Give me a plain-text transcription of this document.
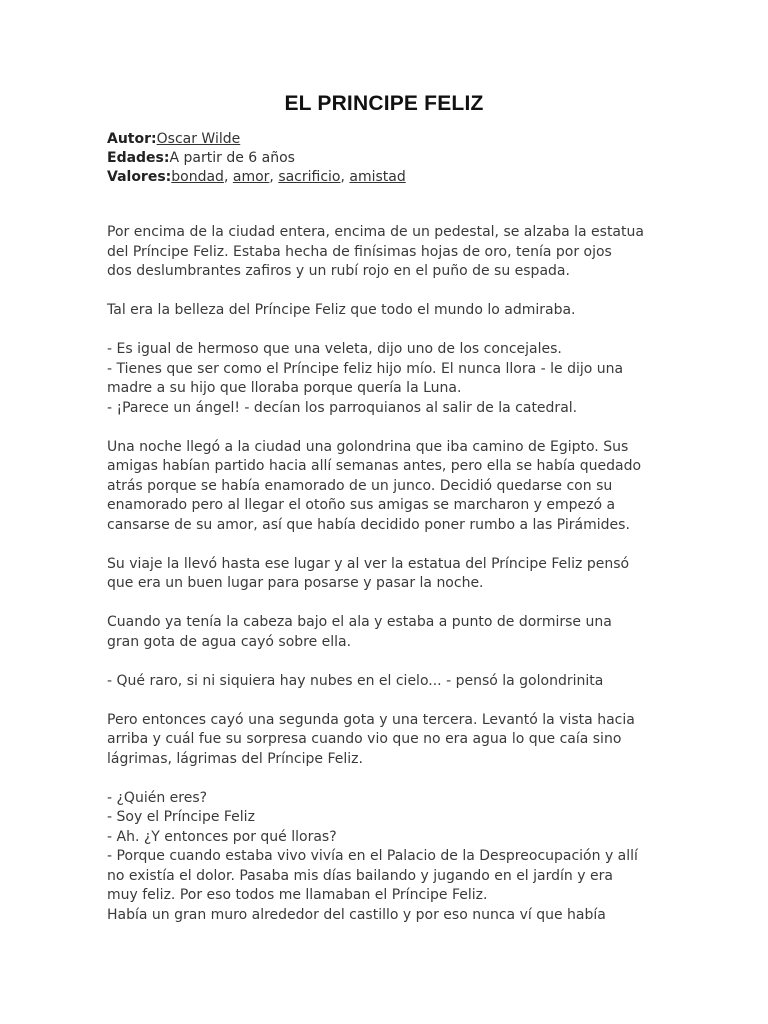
EL PRINCIPE FELIZ
Autor:Oscar Wilde
Edades:A partir de 6 años
Valores:bondad, amor, sacrificio, amistad

Por encima de la ciudad entera, encima de un pedestal, se alzaba la estatua
del Príncipe Feliz. Estaba hecha de finísimas hojas de oro, tenía por ojos
dos deslumbrantes zafiros y un rubí rojo en el puño de su espada.

Tal era la belleza del Príncipe Feliz que todo el mundo lo admiraba.

- Es igual de hermoso que una veleta, dijo uno de los concejales.
- Tienes que ser como el Príncipe feliz hijo mío. El nunca llora - le dijo una
madre a su hijo que lloraba porque quería la Luna.
- ¡Parece un ángel! - decían los parroquianos al salir de la catedral.

Una noche llegó a la ciudad una golondrina que iba camino de Egipto. Sus
amigas habían partido hacia allí semanas antes, pero ella se había quedado
atrás porque se había enamorado de un junco. Decidió quedarse con su
enamorado pero al llegar el otoño sus amigas se marcharon y empezó a
cansarse de su amor, así que había decidido poner rumbo a las Pirámides.

Su viaje la llevó hasta ese lugar y al ver la estatua del Príncipe Feliz pensó
que era un buen lugar para posarse y pasar la noche.

Cuando ya tenía la cabeza bajo el ala y estaba a punto de dormirse una
gran gota de agua cayó sobre ella.

- Qué raro, si ni siquiera hay nubes en el cielo... - pensó la golondrinita

Pero entonces cayó una segunda gota y una tercera. Levantó la vista hacia
arriba y cuál fue su sorpresa cuando vio que no era agua lo que caía sino
lágrimas, lágrimas del Príncipe Feliz.

- ¿Quién eres?
- Soy el Príncipe Feliz
- Ah. ¿Y entonces por qué lloras?
- Porque cuando estaba vivo vivía en el Palacio de la Despreocupación y allí
no existía el dolor. Pasaba mis días bailando y jugando en el jardín y era
muy feliz. Por eso todos me llamaban el Príncipe Feliz.
Había un gran muro alrededor del castillo y por eso nunca ví que había
